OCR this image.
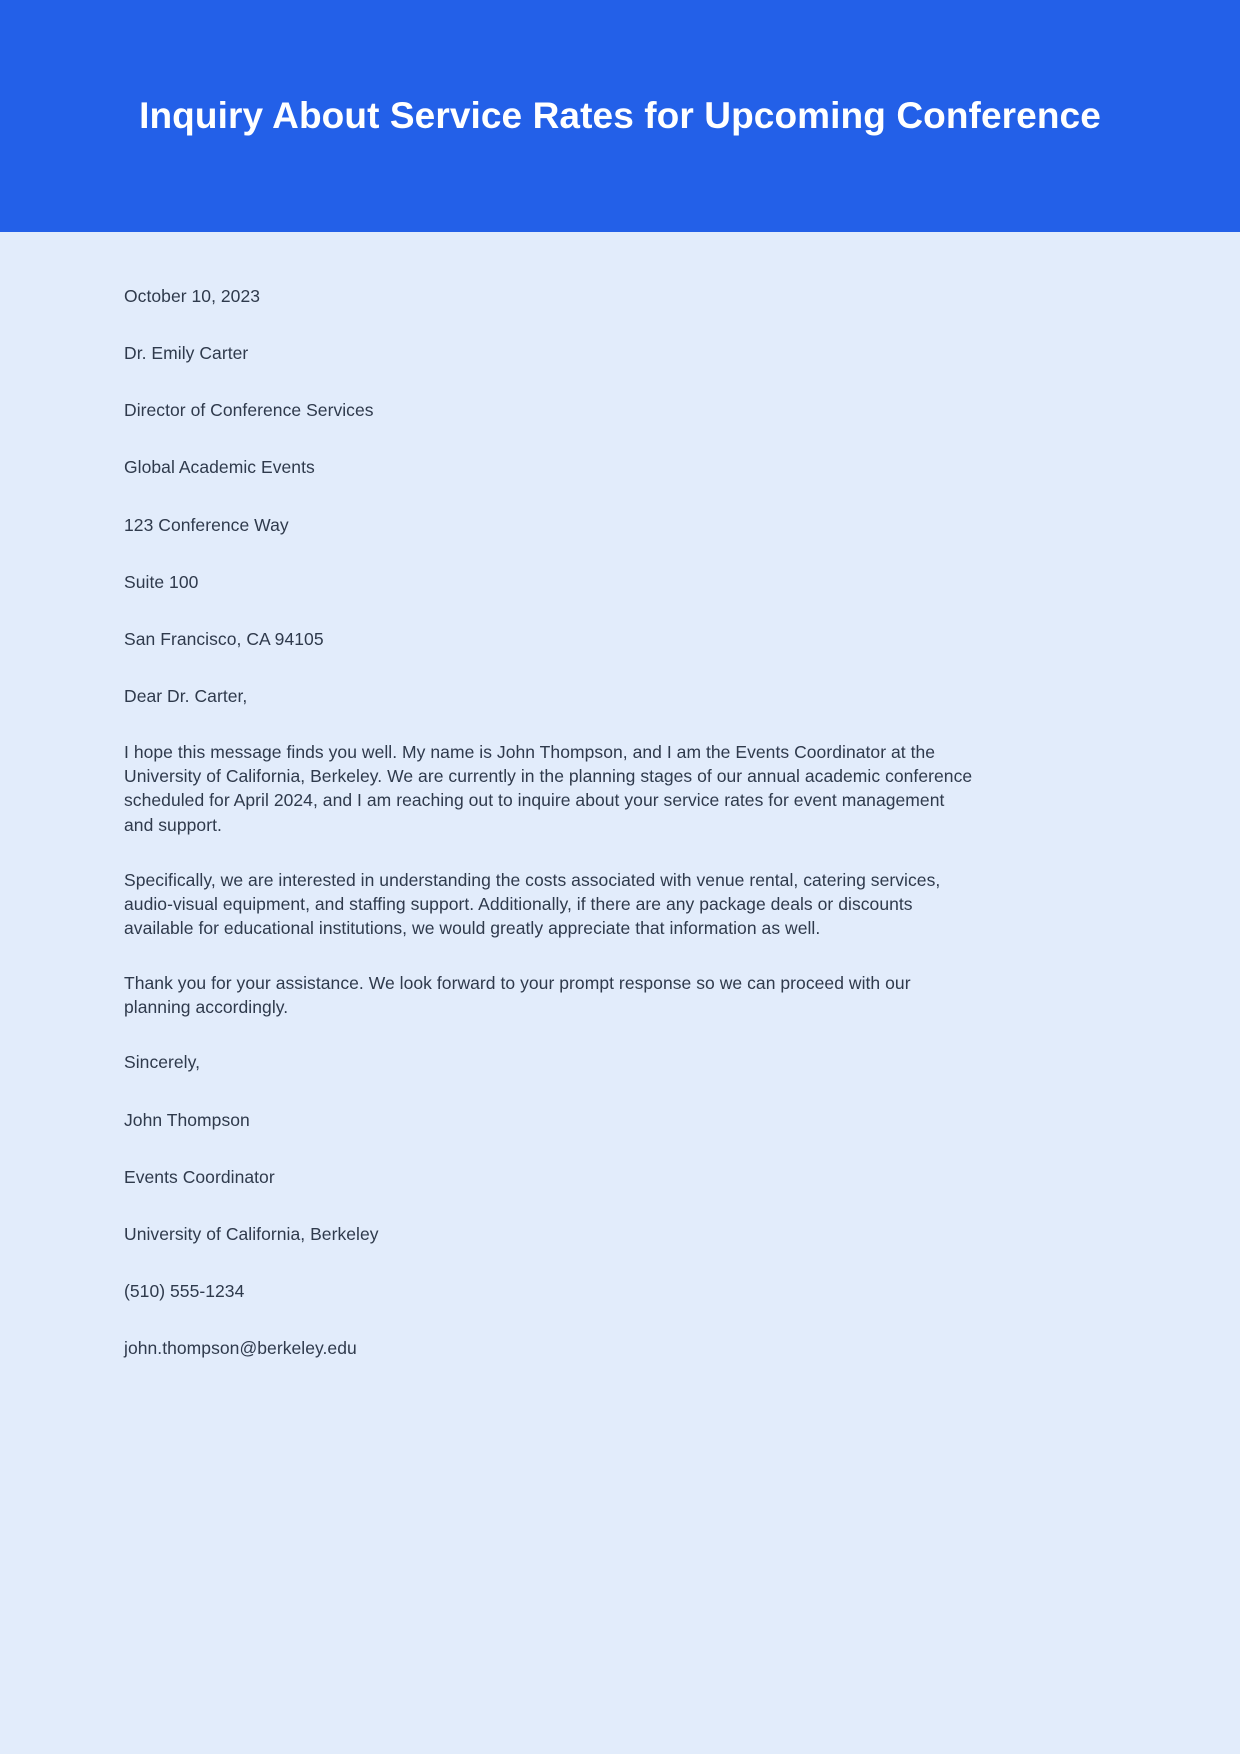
Inquiry About Service Rates for Upcoming Conference

October 10, 2023

Dr. Emily Carter

Director of Conference Services

Global Academic Events

123 Conference Way

Suite 100

San Francisco, CA 94105

Dear Dr. Carter,

I hope this message finds you well. My name is John Thompson, and I am the Events Coordinator at the University of California, Berkeley. We are currently in the planning stages of our annual academic conference scheduled for April 2024, and I am reaching out to inquire about your service rates for event management and support.

Specifically, we are interested in understanding the costs associated with venue rental, catering services, audio-visual equipment, and staffing support. Additionally, if there are any package deals or discounts available for educational institutions, we would greatly appreciate that information as well.

Thank you for your assistance. We look forward to your prompt response so we can proceed with our planning accordingly.

Sincerely,

John Thompson

Events Coordinator

University of California, Berkeley

(510) 555-1234

john.thompson@berkeley.edu
